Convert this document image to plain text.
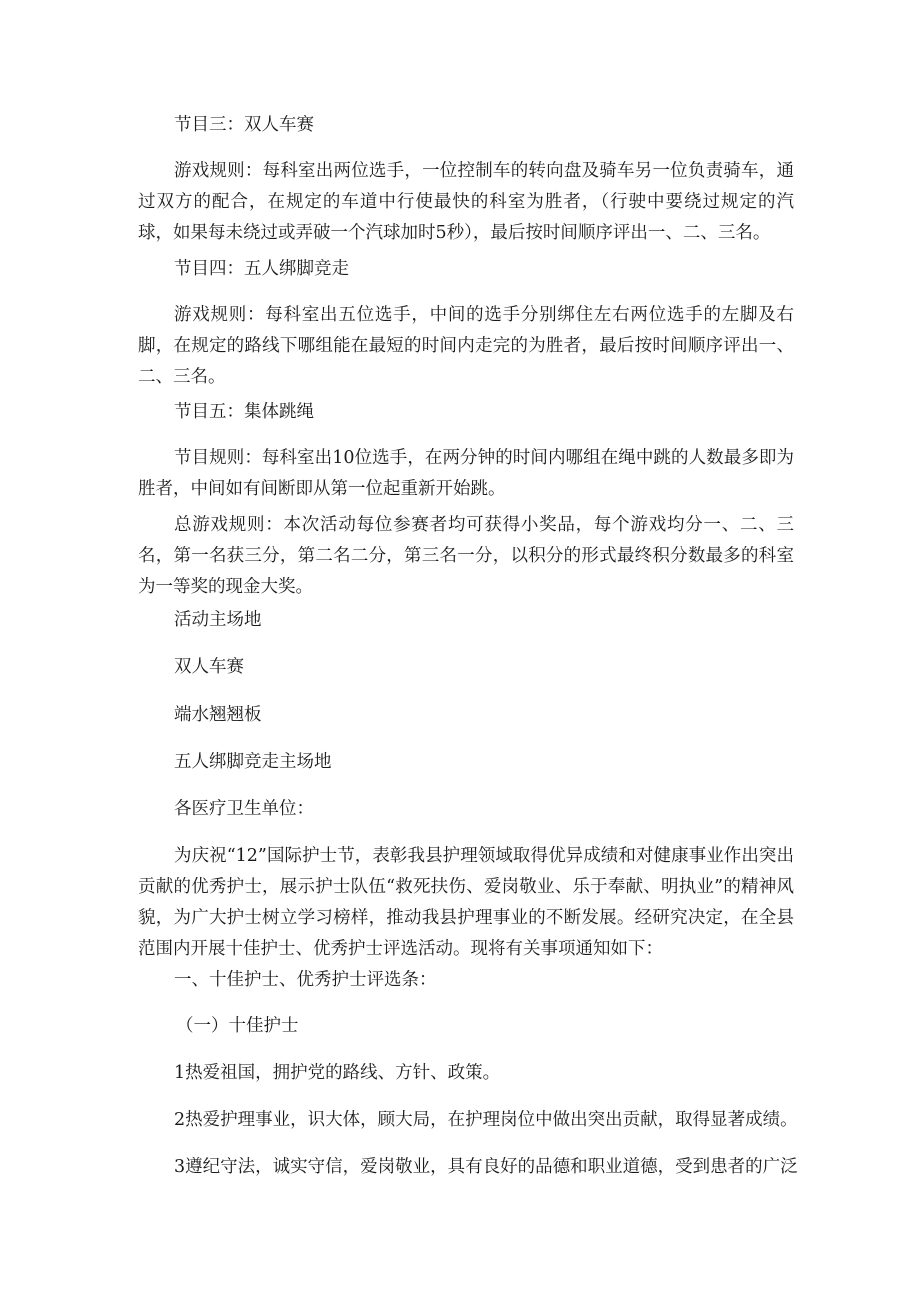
节目三：双人车赛

游戏规则：每科室出两位选手，一位控制车的转向盘及骑车另一位负责骑车，通过双方的配合，在规定的车道中行使最快的科室为胜者，（行驶中要绕过规定的汽球，如果每未绕过或弄破一个汽球加时5秒），最后按时间顺序评出一、二、三名。

节目四：五人绑脚竞走

游戏规则：每科室出五位选手，中间的选手分别绑住左右两位选手的左脚及右脚，在规定的路线下哪组能在最短的时间内走完的为胜者，最后按时间顺序评出一、二、三名。

节目五：集体跳绳

节目规则：每科室出10位选手，在两分钟的时间内哪组在绳中跳的人数最多即为胜者，中间如有间断即从第一位起重新开始跳。

总游戏规则：本次活动每位参赛者均可获得小奖品，每个游戏均分一、二、三名，第一名获三分，第二名二分，第三名一分，以积分的形式最终积分数最多的科室为一等奖的现金大奖。

活动主场地

双人车赛

端水翘翘板

五人绑脚竞走主场地

各医疗卫生单位：

为庆祝“12”国际护士节，表彰我县护理领域取得优异成绩和对健康事业作出突出贡献的优秀护士，展示护士队伍“救死扶伤、爱岗敬业、乐于奉献、明执业”的精神风貌，为广大护士树立学习榜样，推动我县护理事业的不断发展。经研究决定，在全县范围内开展十佳护士、优秀护士评选活动。现将有关事项通知如下：

一、十佳护士、优秀护士评选条：

（一）十佳护士

1热爱祖国，拥护党的路线、方针、政策。

2热爱护理事业，识大体，顾大局，在护理岗位中做出突出贡献，取得显著成绩。

3遵纪守法，诚实守信，爱岗敬业，具有良好的品德和职业道德，受到患者的广泛
